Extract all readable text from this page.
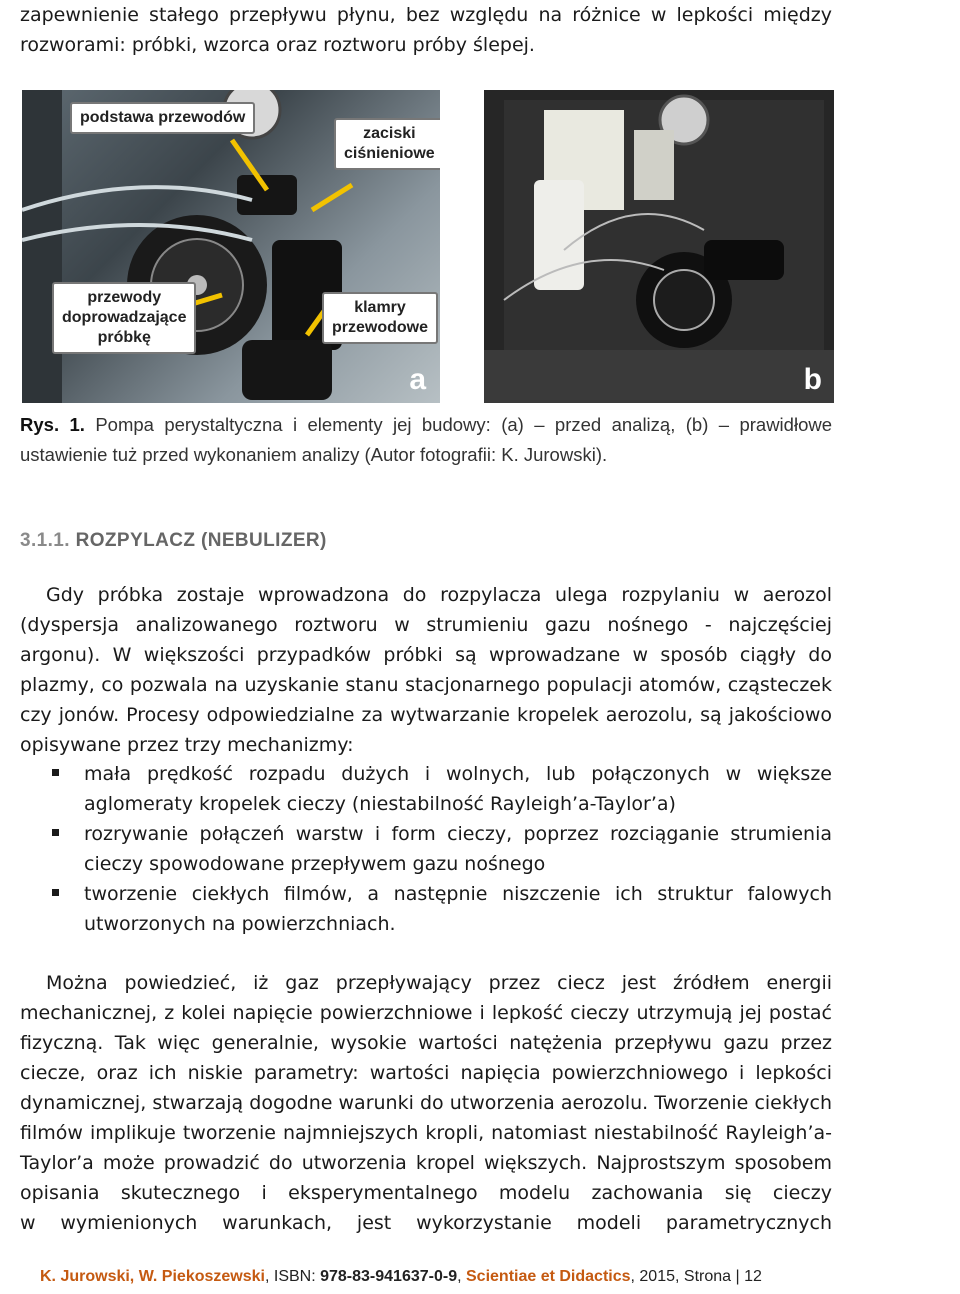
zapewnienie stałego przepływu płynu, bez względu na różnice w lepkości między
rozworami: próbki, wzorca oraz roztworu próby ślepej.
podstawa przewodów
zaciski
ciśnieniowe
przewody
doprowadzające
próbkę
klamry
przewodowe
a	b
Rys. 1. Pompa perystaltyczna i elementy jej budowy: (a) – przed analizą, (b) – prawidłowe
ustawienie tuż przed wykonaniem analizy (Autor fotografii: K. Jurowski).
3.1.1. ROZPYLACZ (NEBULIZER)
Gdy próbka zostaje wprowadzona do rozpylacza ulega rozpylaniu w aerozol
(dyspersja analizowanego roztworu w strumieniu gazu nośnego - najczęściej
argonu). W większości przypadków próbki są wprowadzane w sposób ciągły do
plazmy, co pozwala na uzyskanie stanu stacjonarnego populacji atomów, cząsteczek
czy jonów. Procesy odpowiedzialne za wytwarzanie kropelek aerozolu, są jakościowo
opisywane przez trzy mechanizmy:
mała prędkość rozpadu dużych i wolnych, lub połączonych w większe
aglomeraty kropelek cieczy (niestabilność Rayleigh’a-Taylor’a)
rozrywanie połączeń warstw i form cieczy, poprzez rozciąganie strumienia
cieczy spowodowane przepływem gazu nośnego
tworzenie ciekłych filmów, a następnie niszczenie ich struktur falowych
utworzonych na powierzchniach.
Można powiedzieć, iż gaz przepływający przez ciecz jest źródłem energii
mechanicznej, z kolei napięcie powierzchniowe i lepkość cieczy utrzymują jej postać
fizyczną. Tak więc generalnie, wysokie wartości natężenia przepływu gazu przez
ciecze, oraz ich niskie parametry: wartości napięcia powierzchniowego i lepkości
dynamicznej, stwarzają dogodne warunki do utworzenia aerozolu. Tworzenie ciekłych
filmów implikuje tworzenie najmniejszych kropli, natomiast niestabilność Rayleigh’a-
Taylor’a może prowadzić do utworzenia kropel większych. Najprostszym sposobem
opisania skutecznego i eksperymentalnego modelu zachowania się cieczy
w wymienionych warunkach, jest wykorzystanie modeli parametrycznych
K. Jurowski, W. Piekoszewski, ISBN: 978-83-941637-0-9, Scientiae et Didactics, 2015, Strona | 12
